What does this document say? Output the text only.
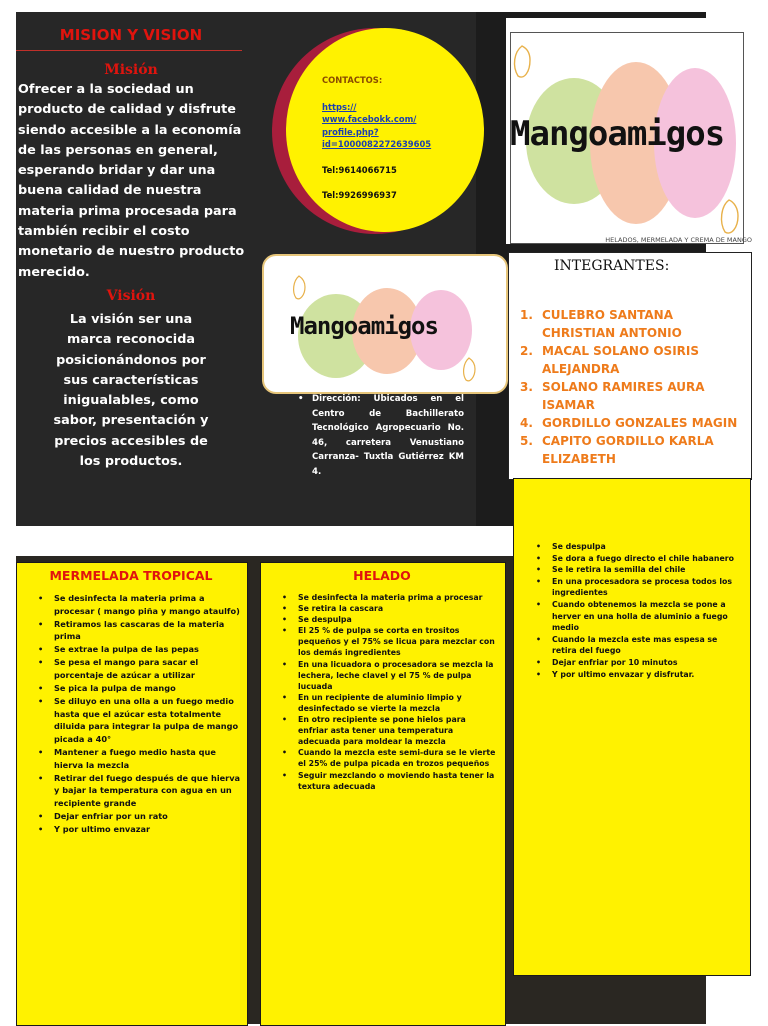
MISION Y VISION
Misión
Ofrecer a la sociedad un producto de calidad y disfrute siendo accesible a la economía de las personas en general, esperando bridar y dar una buena calidad de nuestra materia prima procesada para también recibir el costo monetario de nuestro producto merecido.
Visión
La visión ser una marca reconocida posicionándonos por sus características inigualables, como sabor, presentación y precios accesibles de los productos.
CONTACTOS:
https://
www.facebokk.com/
profile.php?
id=1000082272639605
Tel:9614066715
Tel:9926996937
Mangoamigos
HELADOS, MERMELADA Y CREMA DE MANGO
Mangoamigos
• Dirección: Ubicados en el Centro de Bachillerato Tecnológico Agropecuario No. 46, carretera Venustiano Carranza- Tuxtla Gutiérrez KM 4.
INTEGRANTES:
1. CULEBRO SANTANA CHRISTIAN ANTONIO
2. MACAL SOLANO OSIRIS ALEJANDRA
3. SOLANO RAMIRES AURA ISAMAR
4. GORDILLO GONZALES MAGIN
5. CAPITO GORDILLO KARLA ELIZABETH
MERMELADA TROPICAL
• Se desinfecta la materia prima a procesar ( mango piña y mango ataulfo)
• Retiramos las cascaras de la materia prima
• Se extrae la pulpa de las pepas
• Se pesa el mango para sacar el porcentaje de azúcar a utilizar
• Se pica la pulpa de mango
• Se diluyo en una olla a un fuego medio hasta que el azúcar esta totalmente diluida para integrar la pulpa de mango picada a 40°
• Mantener a fuego medio hasta que hierva la mezcla
• Retirar del fuego después de que hierva y bajar la temperatura con agua en un recipiente grande
• Dejar enfriar por un rato
• Y por ultimo envazar
HELADO
• Se desinfecta la materia prima a procesar
• Se retira la cascara
• Se despulpa
• El 25 % de pulpa se corta en trositos pequeños y el 75% se licua para mezclar con los demás ingredientes
• En una licuadora o procesadora se mezcla la lechera, leche clavel y el 75 % de pulpa lucuada
• En un recipiente de aluminio limpio y desinfectado se vierte la mezcla
• En otro recipiente se pone hielos para enfriar asta tener una temperatura adecuada para moldear la mezcla
• Cuando la mezcla este semi-dura se le vierte el 25% de pulpa picada en trozos pequeños
• Seguir mezclando o moviendo hasta tener la textura adecuada
• Se despulpa
• Se dora a fuego directo el chile habanero
• Se le retira la semilla del chile
• En una procesadora se procesa todos los ingredientes
• Cuando obtenemos la mezcla se pone a herver en una holla de aluminio a fuego medio
• Cuando la mezcla este mas espesa se retira del fuego
• Dejar enfriar por 10 minutos
• Y por ultimo envazar y disfrutar.
